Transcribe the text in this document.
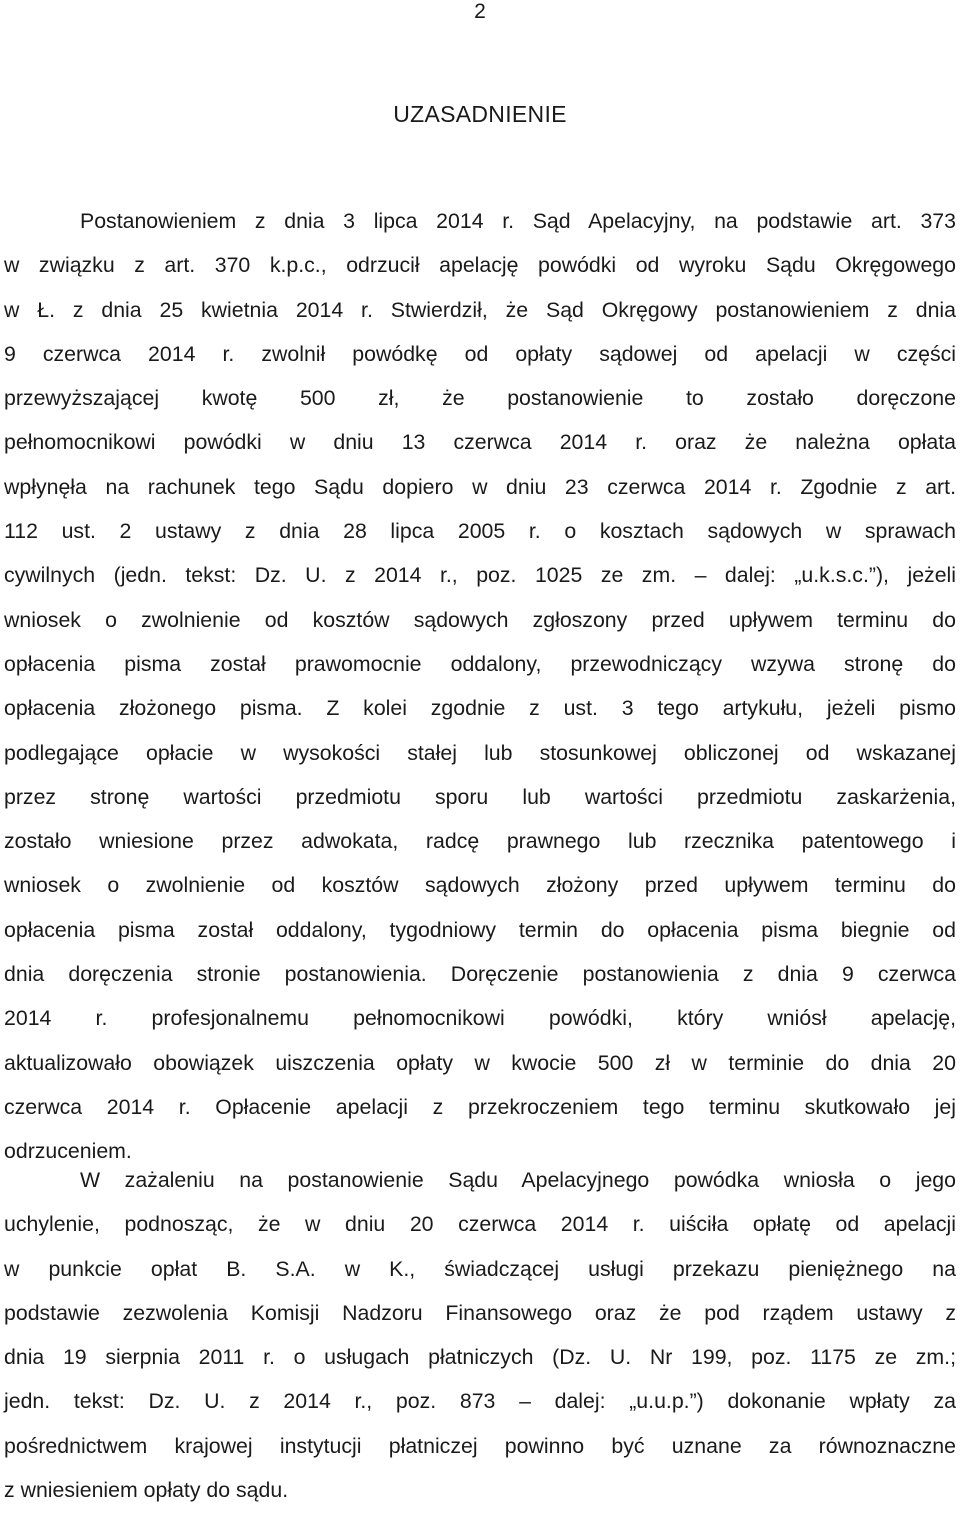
2
UZASADNIENIE
Postanowieniem z dnia 3 lipca 2014 r. Sąd Apelacyjny, na podstawie art. 373
w związku z art. 370 k.p.c., odrzucił apelację powódki od wyroku Sądu Okręgowego
w Ł. z dnia 25 kwietnia 2014 r. Stwierdził, że Sąd Okręgowy postanowieniem z dnia
9 czerwca 2014 r. zwolnił powódkę od opłaty sądowej od apelacji w części
przewyższającej kwotę 500 zł, że postanowienie to zostało doręczone
pełnomocnikowi powódki w dniu 13 czerwca 2014 r. oraz że należna opłata
wpłynęła na rachunek tego Sądu dopiero w dniu 23 czerwca 2014 r. Zgodnie z art.
112 ust. 2 ustawy z dnia 28 lipca 2005 r. o kosztach sądowych w sprawach
cywilnych (jedn. tekst: Dz. U. z 2014 r., poz. 1025 ze zm. – dalej: „u.k.s.c.”), jeżeli
wniosek o zwolnienie od kosztów sądowych zgłoszony przed upływem terminu do
opłacenia pisma został prawomocnie oddalony, przewodniczący wzywa stronę do
opłacenia złożonego pisma. Z kolei zgodnie z ust. 3 tego artykułu, jeżeli pismo
podlegające opłacie w wysokości stałej lub stosunkowej obliczonej od wskazanej
przez stronę wartości przedmiotu sporu lub wartości przedmiotu zaskarżenia,
zostało wniesione przez adwokata, radcę prawnego lub rzecznika patentowego i
wniosek o zwolnienie od kosztów sądowych złożony przed upływem terminu do
opłacenia pisma został oddalony, tygodniowy termin do opłacenia pisma biegnie od
dnia doręczenia stronie postanowienia. Doręczenie postanowienia z dnia 9 czerwca
2014 r. profesjonalnemu pełnomocnikowi powódki, który wniósł apelację,
aktualizowało obowiązek uiszczenia opłaty w kwocie 500 zł w terminie do dnia 20
czerwca 2014 r. Opłacenie apelacji z przekroczeniem tego terminu skutkowało jej
odrzuceniem.
W zażaleniu na postanowienie Sądu Apelacyjnego powódka wniosła o jego
uchylenie, podnosząc, że w dniu 20 czerwca 2014 r. uiściła opłatę od apelacji
w punkcie opłat B. S.A. w K., świadczącej usługi przekazu pieniężnego na
podstawie zezwolenia Komisji Nadzoru Finansowego oraz że pod rządem ustawy z
dnia 19 sierpnia 2011 r. o usługach płatniczych (Dz. U. Nr 199, poz. 1175 ze zm.;
jedn. tekst: Dz. U. z 2014 r., poz. 873 – dalej: „u.u.p.”) dokonanie wpłaty za
pośrednictwem krajowej instytucji płatniczej powinno być uznane za równoznaczne
z wniesieniem opłaty do sądu.
